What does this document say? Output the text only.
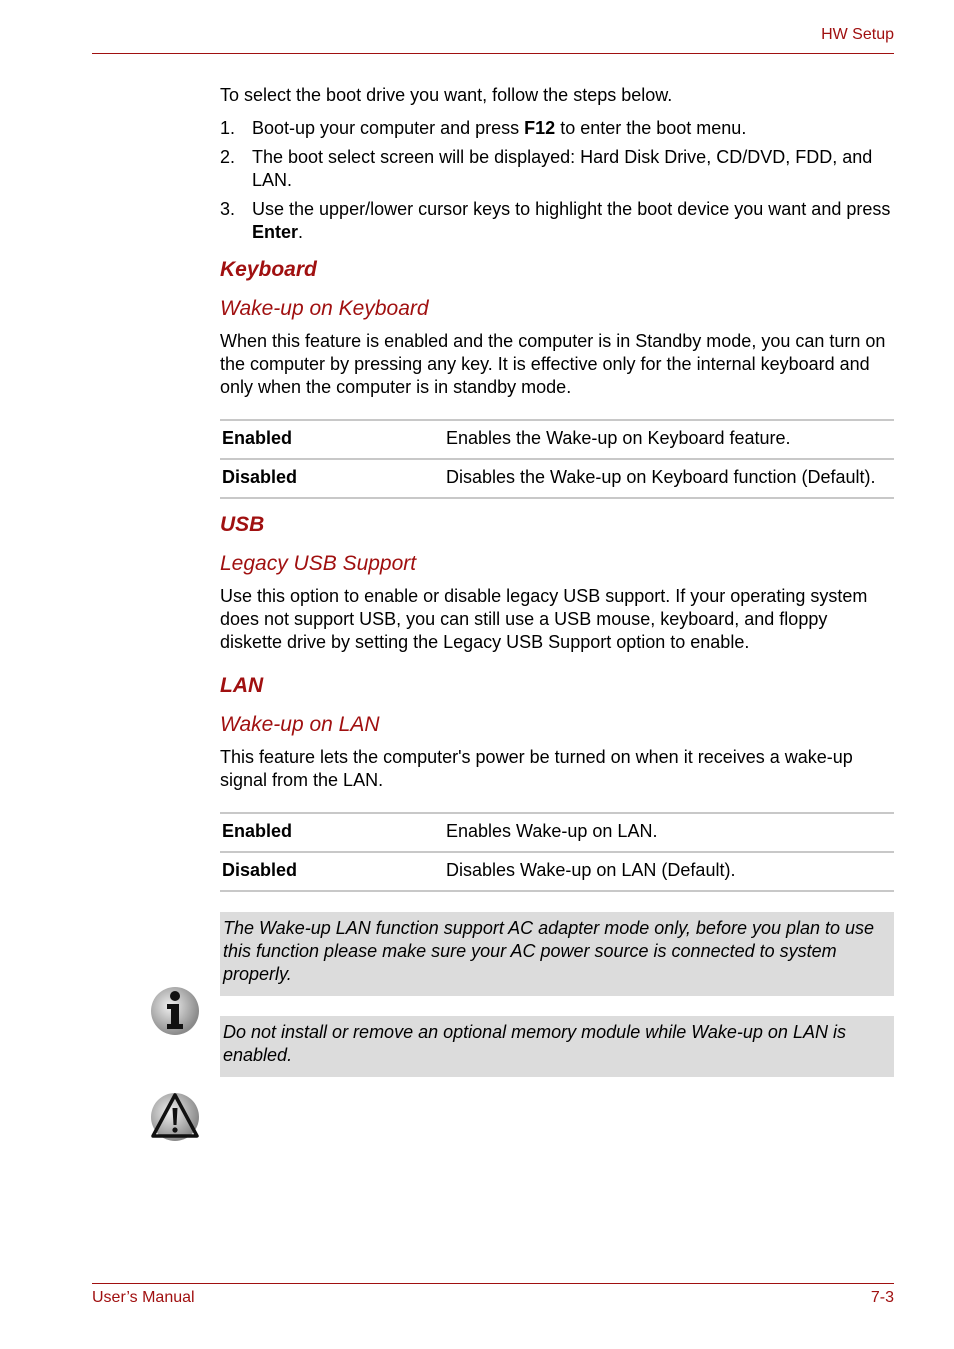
HW Setup

To select the boot drive you want, follow the steps below.

1. Boot-up your computer and press F12 to enter the boot menu.
2. The boot select screen will be displayed: Hard Disk Drive, CD/DVD, FDD, and LAN.
3. Use the upper/lower cursor keys to highlight the boot device you want and press Enter.
Keyboard
Wake-up on Keyboard

When this feature is enabled and the computer is in Standby mode, you can turn on the computer by pressing any key. It is effective only for the internal keyboard and only when the computer is in standby mode.

Enabled	Enables the Wake-up on Keyboard feature.
Disabled	Disables the Wake-up on Keyboard function (Default).
USB
Legacy USB Support

Use this option to enable or disable legacy USB support. If your operating system does not support USB, you can still use a USB mouse, keyboard, and floppy diskette drive by setting the Legacy USB Support option to enable.

LAN
Wake-up on LAN

This feature lets the computer's power be turned on when it receives a wake-up signal from the LAN.

Enabled	Enables Wake-up on LAN.
Disabled	Disables Wake-up on LAN (Default).
The Wake-up LAN function support AC adapter mode only, before you plan to use this function please make sure your AC power source is connected to system properly.
Do not install or remove an optional memory module while Wake-up on LAN is enabled.
User’s Manual	7-3
